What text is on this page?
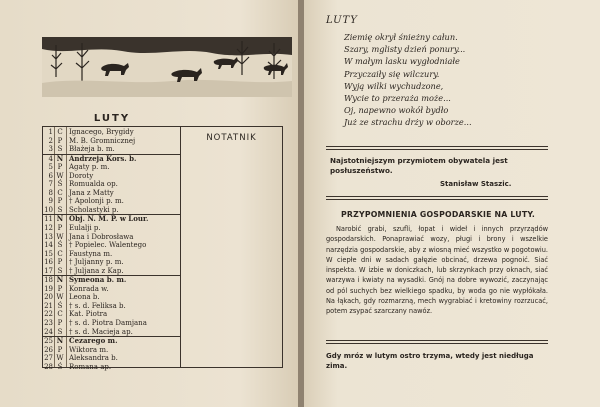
LUTY
NOTATNIK
1 C Ignacego, Brygidy
2 P M. B. Gromnicznej
3 S Błażeja b. m.
4 N Andrzeja Kors. b.
5 P Agaty p. m.
6 W Doroty
7 Ś Romualda op.
8 C Jana z Matty
9 P † Apolonji p. m.
10 S Scholastyki p.
11 N Obj. N. M. P. w Lour.
12 P Eulalji p.
13 W Jana i Dobrosława
14 Ś † Popielec. Walentego
15 C Faustyna m.
16 P † Juljanny p. m.
17 S † Juljana z Kap.
18 N Symeona b. m.
19 P Konrada w.
20 W Leona b.
21 Ś † s. d. Feliksa b.
22 C Kat. Piotra
23 P † s. d. Piotra Damjana
24 S † s. d. Macieja ap.
25 N Cezarego m.
26 P Wiktora m.
27 W Aleksandra b.
28 Ś Romana ap.
LUTY
Ziemię okrył śnieżny całun.
Szary, mglisty dzień ponury...
W małym lasku wygłodniałe
Przyczaiły się wilczury.
Wyją wilki wychudzone,
Wycie to przeraża może...
Oj, napewno wokół bydło
Już ze strachu drży w oborze...
Najstotniejszym przymiotem obywatela jest posłuszeństwo.
Stanisław Staszic.
PRZYPOMNIENIA GOSPODARSKIE NA LUTY.
Narobić grabi, szufli, łopat i wideł i innych przyrządów gospodarskich. Ponaprawiać wozy, pługi i brony i wszelkie narzędzia gospodarskie, aby z wiosną mieć wszystko w pogotowiu. W ciepłe dni w sadach gałęzie obcinać, drzewa pognoić. Siać inspekta. W izbie w doniczkach, lub skrzynkach przy oknach, siać warzywa i kwiaty na wysadki. Gnój na dobre wywozić, zaczynając od pól suchych bez wielkiego spadku, by woda go nie wypłókała. Na łąkach, gdy rozmarzną, mech wygrabiać i kretowiny rozrzucać, potem zsypać szarczany nawóz.
Gdy mróz w lutym ostro trzyma, wtedy jest niedługa zima.
